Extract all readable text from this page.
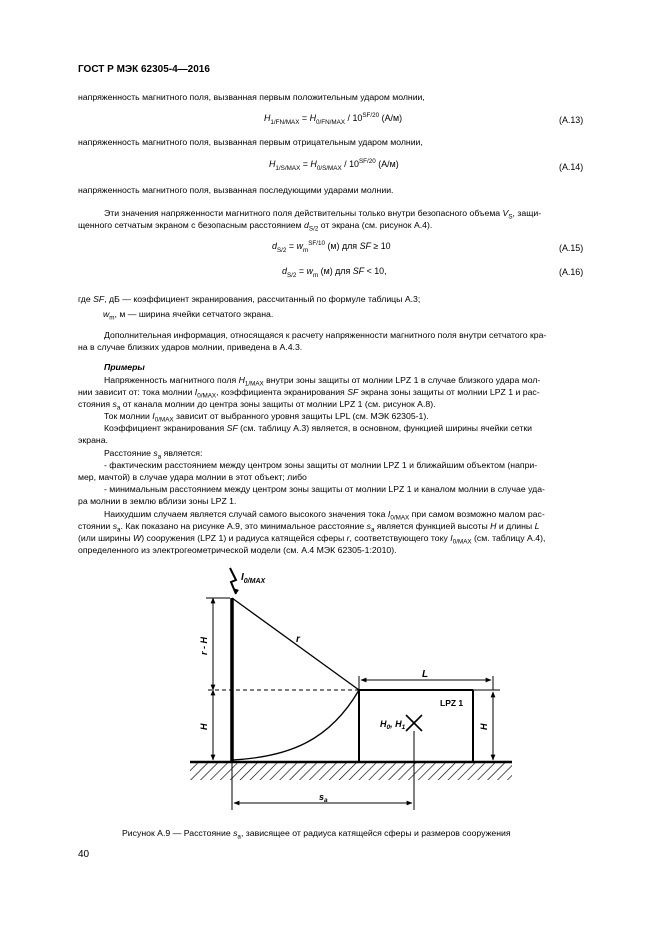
ГОСТ Р МЭК 62305-4—2016
напряженность магнитного поля, вызванная первым положительным ударом молнии,
$H_{1/FN/MAX} = H_{0/FN/MAX} / 10^{SF/20}$ (А/м)	(А.13)
напряженность магнитного поля, вызванная первым отрицательным ударом молнии,
$H_{1/S/MAX} = H_{0/S/MAX} / 10^{SF/20}$ (А/м)	(А.14)
напряженность магнитного поля, вызванная последующими ударами молнии.
Эти значения напряженности магнитного поля действительны только внутри безопасного объема $V_S$, защи-
щенного сетчатым экраном с безопасным расстоянием $d_{S/2}$ от экрана (см. рисунок А.4).
$d_{S/2} = w_m^{SF/10}$ (м) для SF ≥ 10	(А.15)
$d_{S/2} = w_m$ (м) для SF < 10,	(А.16)
где SF, дБ — коэффициент экранирования, рассчитанный по формуле таблицы А.3;
$w_m$, м — ширина ячейки сетчатого экрана.
Дополнительная информация, относящаяся к расчету напряженности магнитного поля внутри сетчатого кра-
на в случае близких ударов молнии, приведена в А.4.3.
Примеры
Напряженность магнитного поля $H_{1/MAX}$ внутри зоны защиты от молнии LPZ 1 в случае близкого удара мол-
нии зависит от: тока молнии $I_{0/MAX}$, коэффициента экранирования SF экрана зоны защиты от молнии LPZ 1 и рас-
стояния $s_a$ от канала молнии до центра зоны защиты от молнии LPZ 1 (см. рисунок А.8).
Ток молнии $I_{0/MAX}$ зависит от выбранного уровня защиты LPL (см. МЭК 62305-1).
Коэффициент экранирования SF (см. таблицу А.3) является, в основном, функцией ширины ячейки сетки
экрана.
Расстояние $s_a$ является:
- фактическим расстоянием между центром зоны защиты от молнии LPZ 1 и ближайшим объектом (напри-
мер, мачтой) в случае удара молнии в этот объект; либо
- минимальным расстоянием между центром зоны защиты от молнии LPZ 1 и каналом молнии в случае уда-
ра молнии в землю вблизи зоны LPZ 1.
Наихудшим случаем является случай самого высокого значения тока $I_{0/MAX}$ при самом возможно малом рас-
стоянии $s_a$. Как показано на рисунке А.9, это минимальное расстояние $s_a$ является функцией высоты H и длины L
(или ширины W) сооружения (LPZ 1) и радиуса катящейся сферы r, соответствующего току $I_{0/MAX}$ (см. таблицу А.4),
определенного из электрогеометрической модели (см. А.4 МЭК 62305-1:2010).
$I_{0/MAX}$
r
r - H
H
L
LPZ 1
$H_0$, $H_1$	H
$s_a$
Рисунок А.9 — Расстояние $s_a$, зависящее от радиуса катящейся сферы и размеров сооружения
40
